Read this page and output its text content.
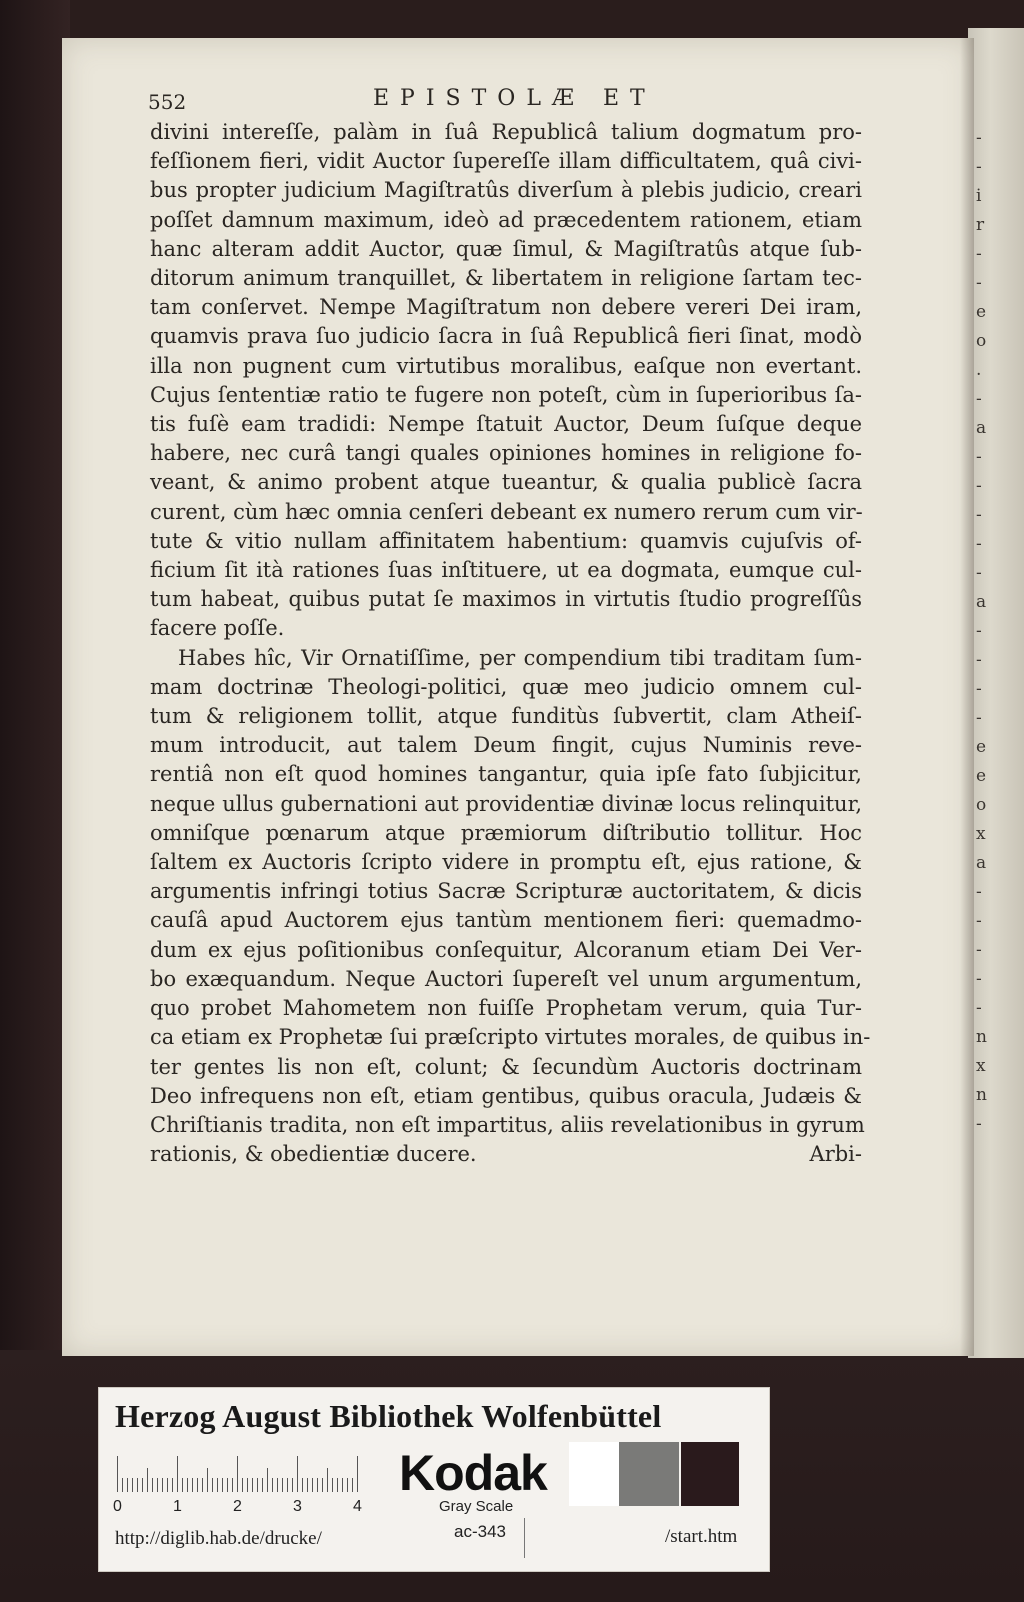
-
-
i
r
-
-
e
o
.
-
a
-
-
-
-
-
a
-
-
-
-
e
e
o
x
a
-
-
-
-
-
n
x
n
-
552	EPISTOLÆ ET
divini intereſſe, palàm in ſuâ Republicâ talium dogmatum pro-
feſſionem fieri, vidit Auctor ſupereſſe illam difficultatem, quâ civi-
bus propter judicium Magiſtratûs diverſum à plebis judicio, creari
poſſet damnum maximum, ideò ad præcedentem rationem, etiam
hanc alteram addit Auctor, quæ ſimul, & Magiſtratûs atque ſub-
ditorum animum tranquillet, & libertatem in religione ſartam tec-
tam conſervet. Nempe Magiſtratum non debere vereri Dei iram,
quamvis prava ſuo judicio ſacra in ſuâ Republicâ fieri ſinat, modò
illa non pugnent cum virtutibus moralibus, eaſque non evertant.
Cujus ſententiæ ratio te fugere non poteſt, cùm in ſuperioribus ſa-
tis fuſè eam tradidi: Nempe ſtatuit Auctor, Deum ſuſque deque
habere, nec curâ tangi quales opiniones homines in religione fo-
veant, & animo probent atque tueantur, & qualia publicè ſacra
curent, cùm hæc omnia cenſeri debeant ex numero rerum cum vir-
tute & vitio nullam affinitatem habentium: quamvis cujuſvis of-
ficium ſit ità rationes ſuas inſtituere, ut ea dogmata, eumque cul-
tum habeat, quibus putat ſe maximos in virtutis ſtudio progreſſûs
facere poſſe.
Habes hîc, Vir Ornatiſſime, per compendium tibi traditam ſum-
mam doctrinæ Theologi-politici, quæ meo judicio omnem cul-
tum & religionem tollit, atque funditùs ſubvertit, clam Atheiſ-
mum introducit, aut talem Deum fingit, cujus Numinis reve-
rentiâ non eſt quod homines tangantur, quia ipſe fato ſubjicitur,
neque ullus gubernationi aut providentiæ divinæ locus relinquitur,
omniſque pœnarum atque præmiorum diſtributio tollitur. Hoc
ſaltem ex Auctoris ſcripto videre in promptu eſt, ejus ratione, &
argumentis infringi totius Sacræ Scripturæ auctoritatem, & dicis
cauſâ apud Auctorem ejus tantùm mentionem fieri: quemadmo-
dum ex ejus poſitionibus conſequitur, Alcoranum etiam Dei Ver-
bo exæquandum. Neque Auctori ſupereſt vel unum argumentum,
quo probet Mahometem non fuiſſe Prophetam verum, quia Tur-
ca etiam ex Prophetæ ſui præſcripto virtutes morales, de quibus in-
ter gentes lis non eſt, colunt; & ſecundùm Auctoris doctrinam
Deo infrequens non eſt, etiam gentibus, quibus oracula, Judæis &
Chriſtianis tradita, non eſt impartitus, aliis revelationibus in gyrum
rationis, & obedientiæ ducere.	Arbi-
Herzog August Bibliothek Wolfenbüttel
0	1	2	3	4
Kodak
Gray Scale
http://diglib.hab.de/drucke/	ac-343	/start.htm
